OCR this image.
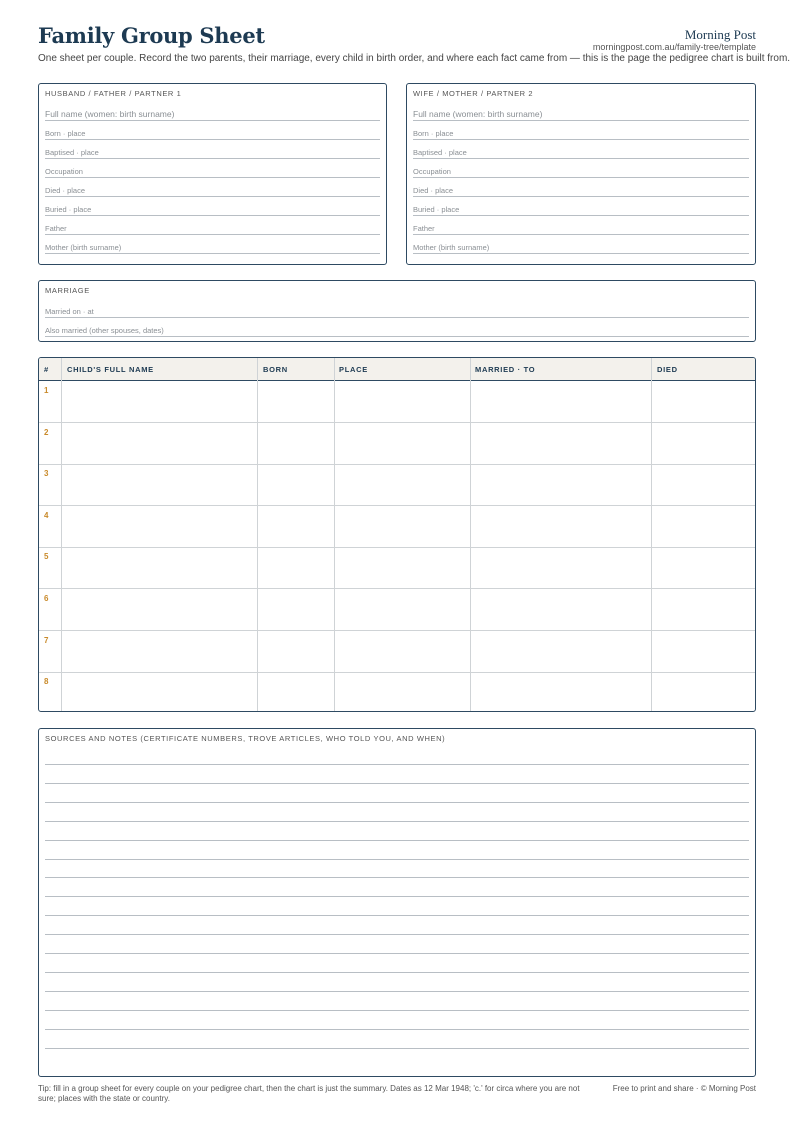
Family Group Sheet	Morning Post
morningpost.com.au/family-tree/template
One sheet per couple. Record the two parents, their marriage, every child in birth order, and where each fact came from — this is the page the pedigree chart is built from.
HUSBAND / FATHER / PARTNER 1
Full name (women: birth surname)
Born · place
Baptised · place
Occupation
Died · place
Buried · place
Father
Mother (birth surname)
WIFE / MOTHER / PARTNER 2
Full name (women: birth surname)
Born · place
Baptised · place
Occupation
Died · place
Buried · place
Father
Mother (birth surname)
MARRIAGE
Married on · at
Also married (other spouses, dates)
# CHILD'S FULL NAME	BORN	PLACE	MARRIED · TO	DIED
1
2
3
4
5
6
7
8
SOURCES AND NOTES (CERTIFICATE NUMBERS, TROVE ARTICLES, WHO TOLD YOU, AND WHEN)
Tip: fill in a group sheet for every couple on your pedigree chart, then the chart is just the summary. Dates as 12 Mar 1948; 'c.' for circa where you are not sure; places with the state or country.
Free to print and share · © Morning Post
